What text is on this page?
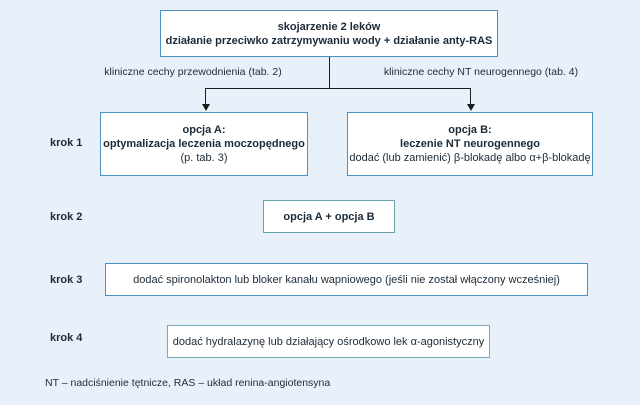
skojarzenie 2 leków
działanie przeciwko zatrzymywaniu wody + działanie anty-RAS
kliniczne cechy przewodnienia (tab. 2)	kliniczne cechy NT neurogennego (tab. 4)
krok 1
krok 2
krok 3
krok 4
opcja A:
optymalizacja leczenia moczopędnego
(p. tab. 3)
opcja B:
leczenie NT neurogennego
dodać (lub zamienić) β-blokadę albo α+β-blokadę
opcja A + opcja B
dodać spironolakton lub bloker kanału wapniowego (jeśli nie został włączony wcześniej)
dodać hydralazynę lub działający ośrodkowo lek α-agonistyczny
NT – nadciśnienie tętnicze, RAS – układ renina-angiotensyna
